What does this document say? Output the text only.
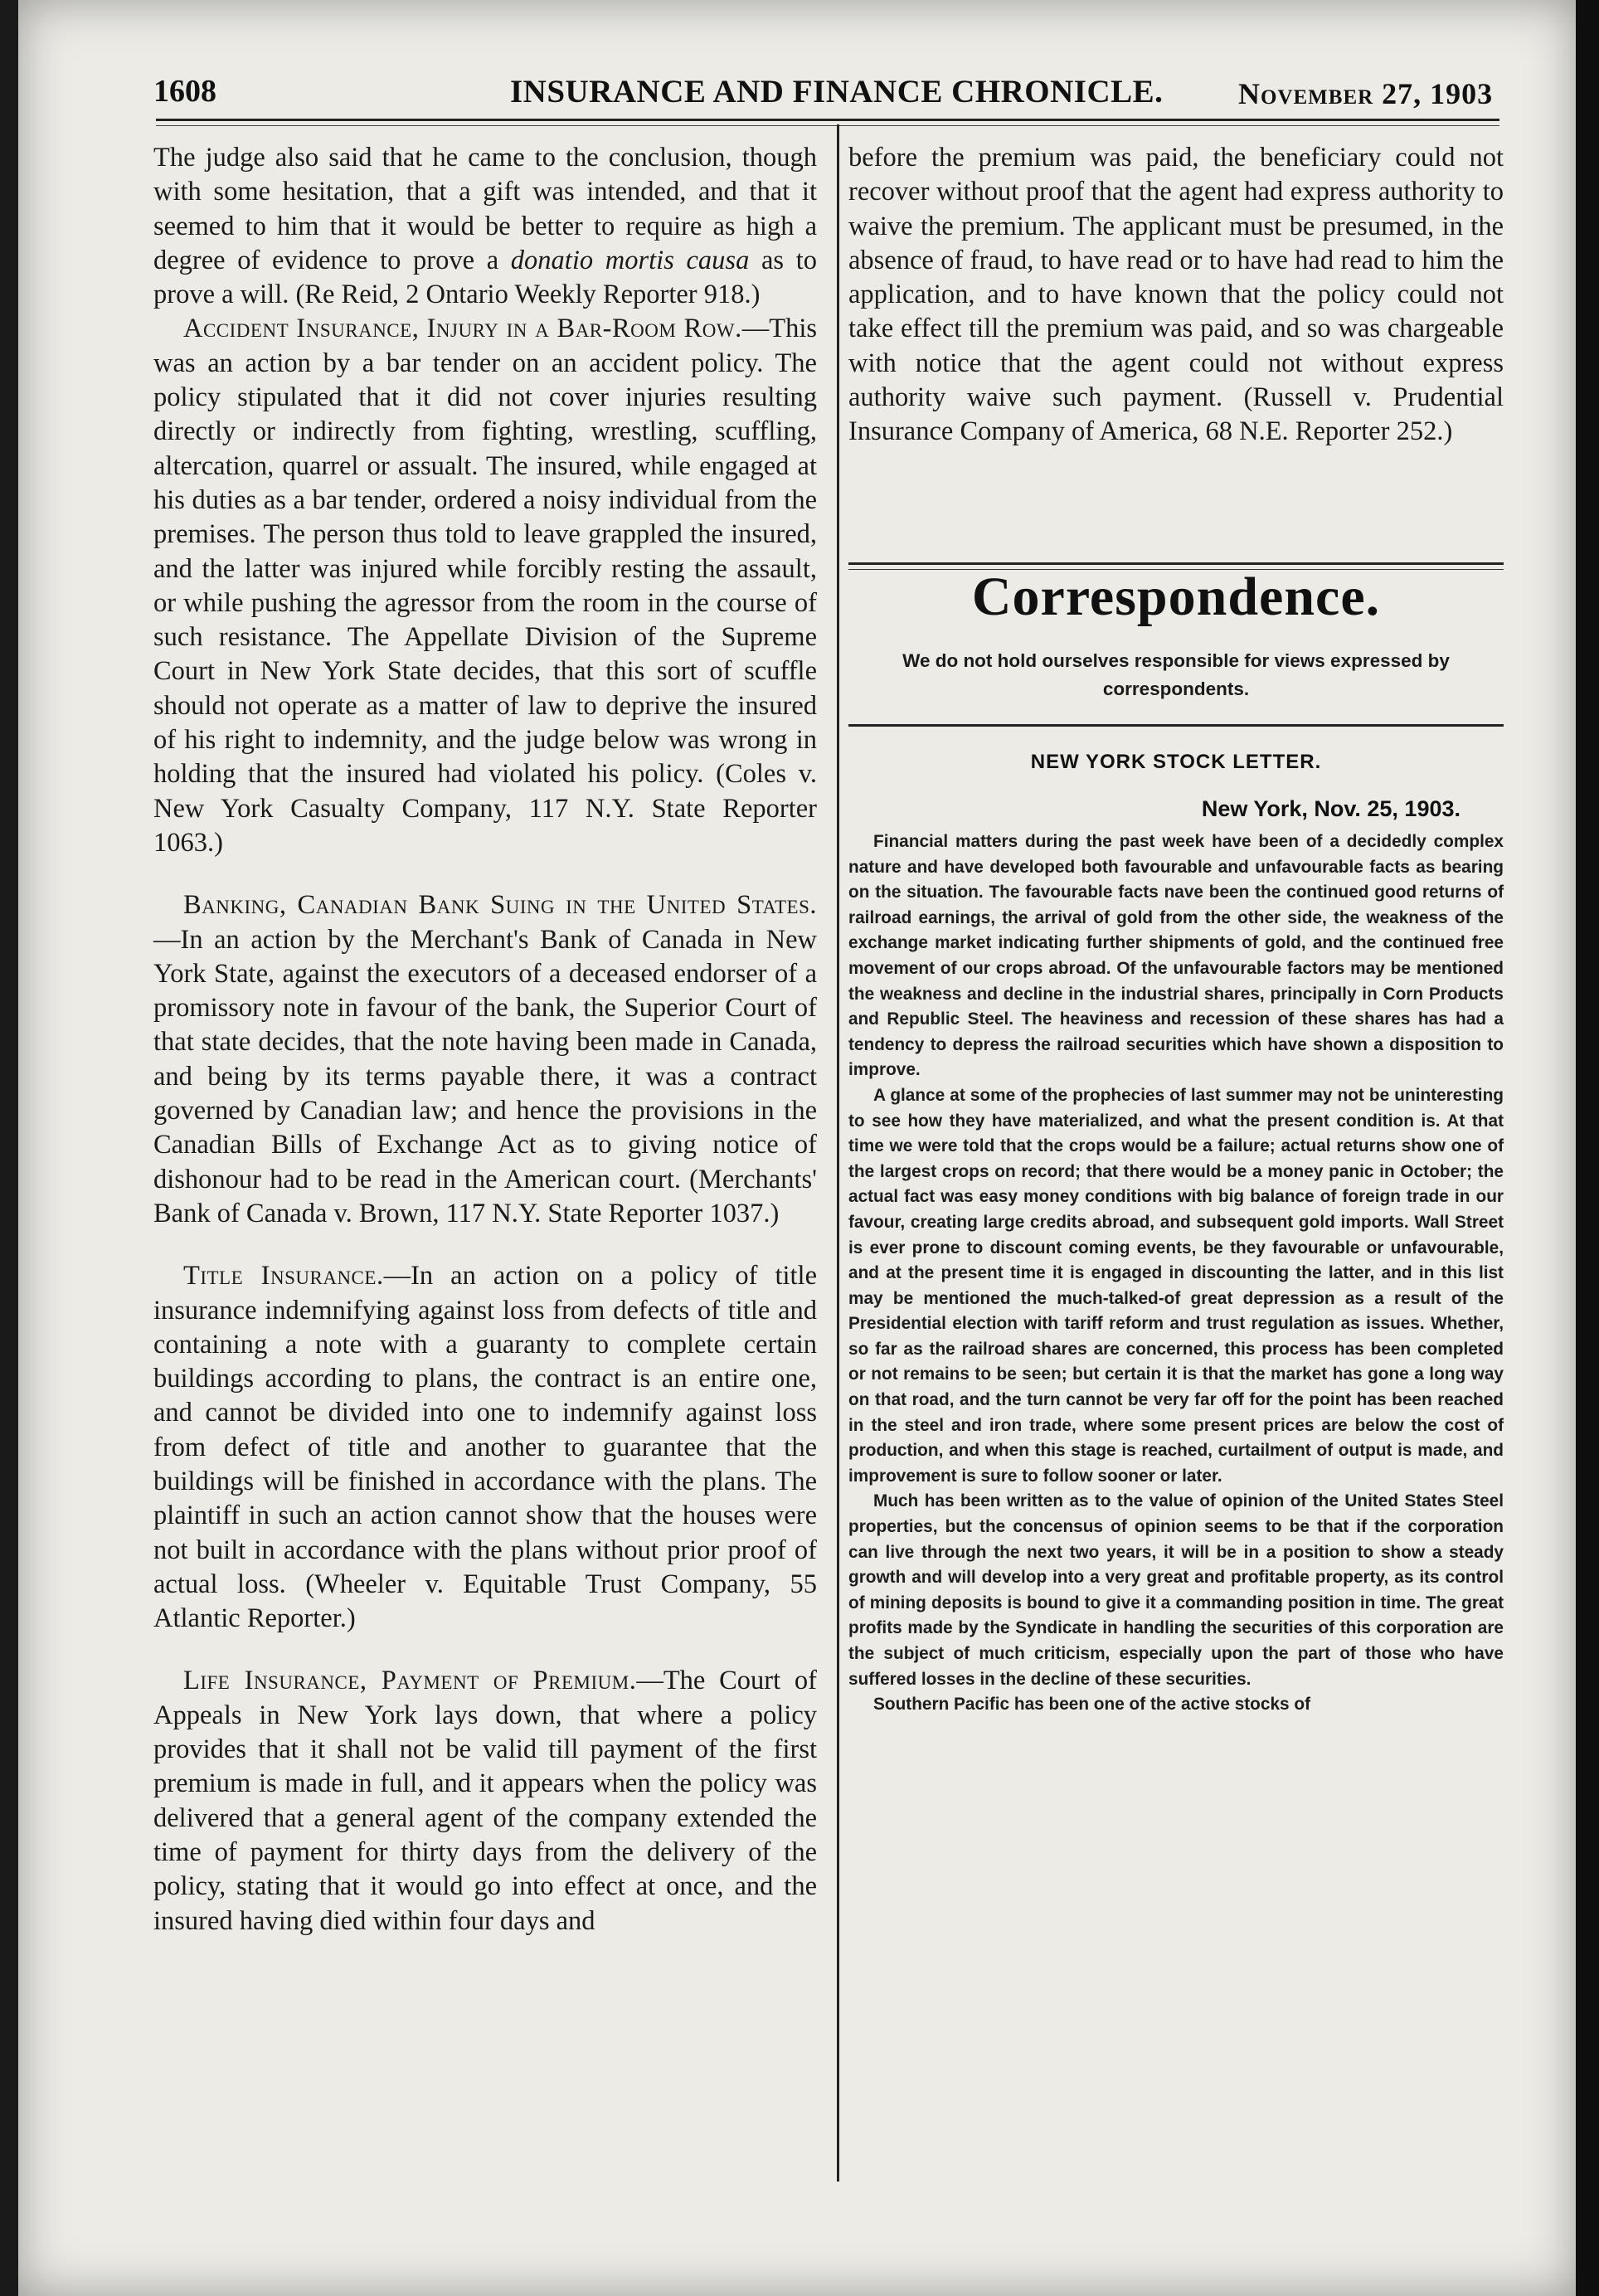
1608	INSURANCE AND FINANCE CHRONICLE.	November 27, 1903

The judge also said that he came to the conclusion, though with some hesitation, that a gift was intended, and that it seemed to him that it would be better to require as high a degree of evidence to prove a donatio mortis causa as to prove a will. (Re Reid, 2 Ontario Weekly Reporter 918.)

Accident Insurance, Injury in a Bar-Room Row.—This was an action by a bar tender on an accident policy. The policy stipulated that it did not cover injuries resulting directly or indirectly from fighting, wrestling, scuffling, altercation, quarrel or assualt. The insured, while engaged at his duties as a bar tender, ordered a noisy individual from the premises. The person thus told to leave grappled the insured, and the latter was injured while forcibly resting the assault, or while pushing the agressor from the room in the course of such resistance. The Appellate Division of the Supreme Court in New York State decides, that this sort of scuffle should not operate as a matter of law to deprive the insured of his right to indemnity, and the judge below was wrong in holding that the insured had violated his policy. (Coles v. New York Casualty Company, 117 N.Y. State Reporter 1063.)

Banking, Canadian Bank Suing in the United States.—In an action by the Merchant's Bank of Canada in New York State, against the executors of a deceased endorser of a promissory note in favour of the bank, the Superior Court of that state decides, that the note having been made in Canada, and being by its terms payable there, it was a contract governed by Canadian law; and hence the provisions in the Canadian Bills of Exchange Act as to giving notice of dishonour had to be read in the American court. (Merchants' Bank of Canada v. Brown, 117 N.Y. State Reporter 1037.)

Title Insurance.—In an action on a policy of title insurance indemnifying against loss from defects of title and containing a note with a guaranty to complete certain buildings according to plans, the contract is an entire one, and cannot be divided into one to indemnify against loss from defect of title and another to guarantee that the buildings will be finished in accordance with the plans. The plaintiff in such an action cannot show that the houses were not built in accordance with the plans without prior proof of actual loss. (Wheeler v. Equitable Trust Company, 55 Atlantic Reporter.)

Life Insurance, Payment of Premium.—The Court of Appeals in New York lays down, that where a policy provides that it shall not be valid till payment of the first premium is made in full, and it appears when the policy was delivered that a general agent of the company extended the time of payment for thirty days from the delivery of the policy, stating that it would go into effect at once, and the insured having died within four days and

before the premium was paid, the beneficiary could not recover without proof that the agent had express authority to waive the premium. The applicant must be presumed, in the absence of fraud, to have read or to have had read to him the application, and to have known that the policy could not take effect till the premium was paid, and so was chargeable with notice that the agent could not without express authority waive such payment. (Russell v. Prudential Insurance Company of America, 68 N.E. Reporter 252.)

Correspondence.
We do not hold ourselves responsible for views expressed by correspondents.
NEW YORK STOCK LETTER.
New York, Nov. 25, 1903.

Financial matters during the past week have been of a decidedly complex nature and have developed both favourable and unfavourable facts as bearing on the situation. The favourable facts nave been the continued good returns of railroad earnings, the arrival of gold from the other side, the weakness of the exchange market indicating further shipments of gold, and the continued free movement of our crops abroad. Of the unfavourable factors may be mentioned the weakness and decline in the industrial shares, principally in Corn Products and Republic Steel. The heaviness and recession of these shares has had a tendency to depress the railroad securities which have shown a disposition to improve.

A glance at some of the prophecies of last summer may not be uninteresting to see how they have materialized, and what the present condition is. At that time we were told that the crops would be a failure; actual returns show one of the largest crops on record; that there would be a money panic in October; the actual fact was easy money conditions with big balance of foreign trade in our favour, creating large credits abroad, and subsequent gold imports. Wall Street is ever prone to discount coming events, be they favourable or unfavourable, and at the present time it is engaged in discounting the latter, and in this list may be mentioned the much-talked-of great depression as a result of the Presidential election with tariff reform and trust regulation as issues. Whether, so far as the railroad shares are concerned, this process has been completed or not remains to be seen; but certain it is that the market has gone a long way on that road, and the turn cannot be very far off for the point has been reached in the steel and iron trade, where some present prices are below the cost of production, and when this stage is reached, curtailment of output is made, and improvement is sure to follow sooner or later.

Much has been written as to the value of opinion of the United States Steel properties, but the concensus of opinion seems to be that if the corporation can live through the next two years, it will be in a position to show a steady growth and will develop into a very great and profitable property, as its control of mining deposits is bound to give it a commanding position in time. The great profits made by the Syndicate in handling the securities of this corporation are the subject of much criticism, especially upon the part of those who have suffered losses in the decline of these securities.

Southern Pacific has been one of the active stocks of
